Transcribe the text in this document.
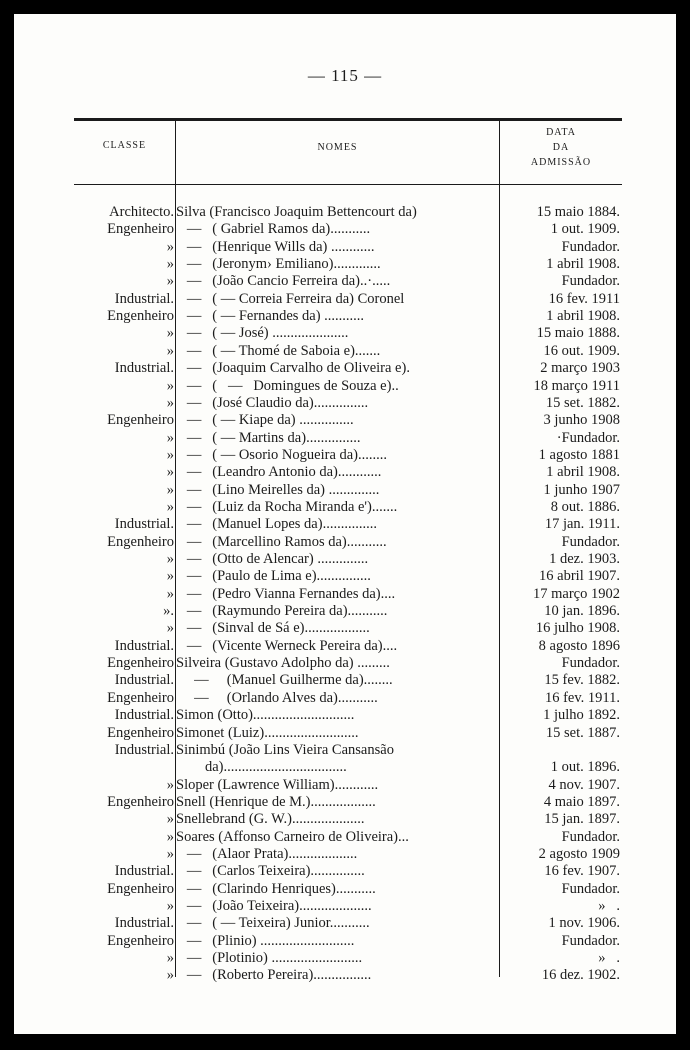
— 115 —
CLASSE	NOMES
DATA
DA
ADMISSÃO
Architecto. Silva (Francisco Joaquim Bettencourt da)	15 maio 1884.
Engenheiro —   ( Gabriel Ramos da)...........	1 out. 1909.
» —   (Henrique Wills da) ............	Fundador.
» —   (Jeronym› Emiliano).............	1 abril 1908.
» —   (João Cancio Ferreira da)..·.....	Fundador.
Industrial. —   ( — Correia Ferreira da) Coronel	16 fev. 1911
Engenheiro —   ( — Fernandes da) ...........	1 abril 1908.
» —   ( — José) .....................	15 maio 1888.
» —   ( — Thomé de Saboia e).......	16 out. 1909.
Industrial. —   (Joaquim Carvalho de Oliveira e).	2 março 1903
» —   (   —   Domingues de Souza e)..	18 março 1911
» —   (José Claudio da)...............	15 set. 1882.
Engenheiro —   ( — Kiape da) ...............	3 junho 1908
» —   ( — Martins da)...............	·Fundador.
» —   ( — Osorio Nogueira da)........	1 agosto 1881
» —   (Leandro Antonio da)............	1 abril 1908.
» —   (Lino Meirelles da) ..............	1 junho 1907
» —   (Luiz da Rocha Miranda e').......	8 out. 1886.
Industrial. —   (Manuel Lopes da)...............	17 jan. 1911.
Engenheiro —   (Marcellino Ramos da)...........	Fundador.
» —   (Otto de Alencar) ..............	1 dez. 1903.
» —   (Paulo de Lima e)...............	16 abril 1907.
» —   (Pedro Vianna Fernandes da)....	17 março 1902
». —   (Raymundo Pereira da)...........	10 jan. 1896.
» —   (Sinval de Sá e)..................	16 julho 1908.
Industrial. —   (Vicente Werneck Pereira da)....	8 agosto 1896
Engenheiro Silveira (Gustavo Adolpho da) .........	Fundador.
Industrial. —     (Manuel Guilherme da)........	15 fev. 1882.
Engenheiro —     (Orlando Alves da)...........	16 fev. 1911.
Industrial. Simon (Otto)............................	1 julho 1892.
Engenheiro Simonet (Luiz)..........................	15 set. 1887.
Industrial. Sinimbú (João Lins Vieira Cansansão
da)..................................	1 out. 1896.
» Sloper (Lawrence William)............	4 nov. 1907.
Engenheiro Snell (Henrique de M.)..................	4 maio 1897.
» Snellebrand (G. W.)....................	15 jan. 1897.
» Soares (Affonso Carneiro de Oliveira)...	Fundador.
» —   (Alaor Prata)...................	2 agosto 1909
Industrial. —   (Carlos Teixeira)...............	16 fev. 1907.
Engenheiro —   (Clarindo Henriques)...........	Fundador.
» —   (João Teixeira)....................	»   .
Industrial. —   ( — Teixeira) Junior...........	1 nov. 1906.
Engenheiro —   (Plinio) ..........................	Fundador.
» —   (Plotinio) .........................	»   .
» —   (Roberto Pereira)................	16 dez. 1902.
